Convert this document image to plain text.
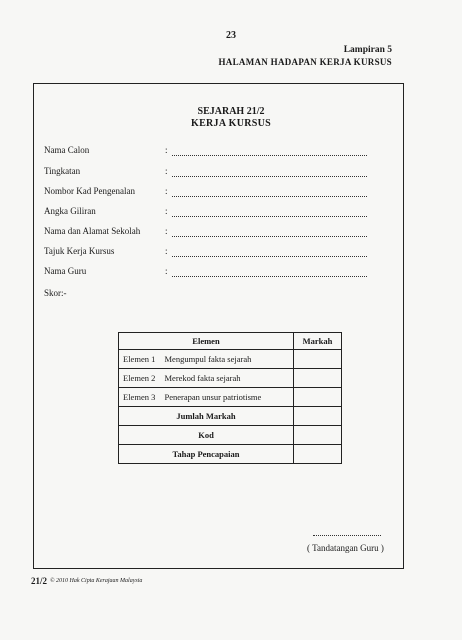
23
Lampiran 5
HALAMAN HADAPAN KERJA KURSUS
SEJARAH 21/2
KERJA KURSUS
Nama Calon	:
Tingkatan	:
Nombor Kad Pengenalan	:
Angka Giliran	:
Nama dan Alamat Sekolah	:
Tajuk Kerja Kursus	:
Nama Guru	:
Skor:-
Elemen		Markah
Elemen 1	Mengumpul fakta sejarah	
Elemen 2	Merekod fakta sejarah	
Elemen 3	Penerapan unsur patriotisme	
Jumlah Markah		
Kod		
Tahap Pencapaian		
( Tandatangan Guru )
21/2 © 2010 Hak Cipta Kerajaan Malaysia
